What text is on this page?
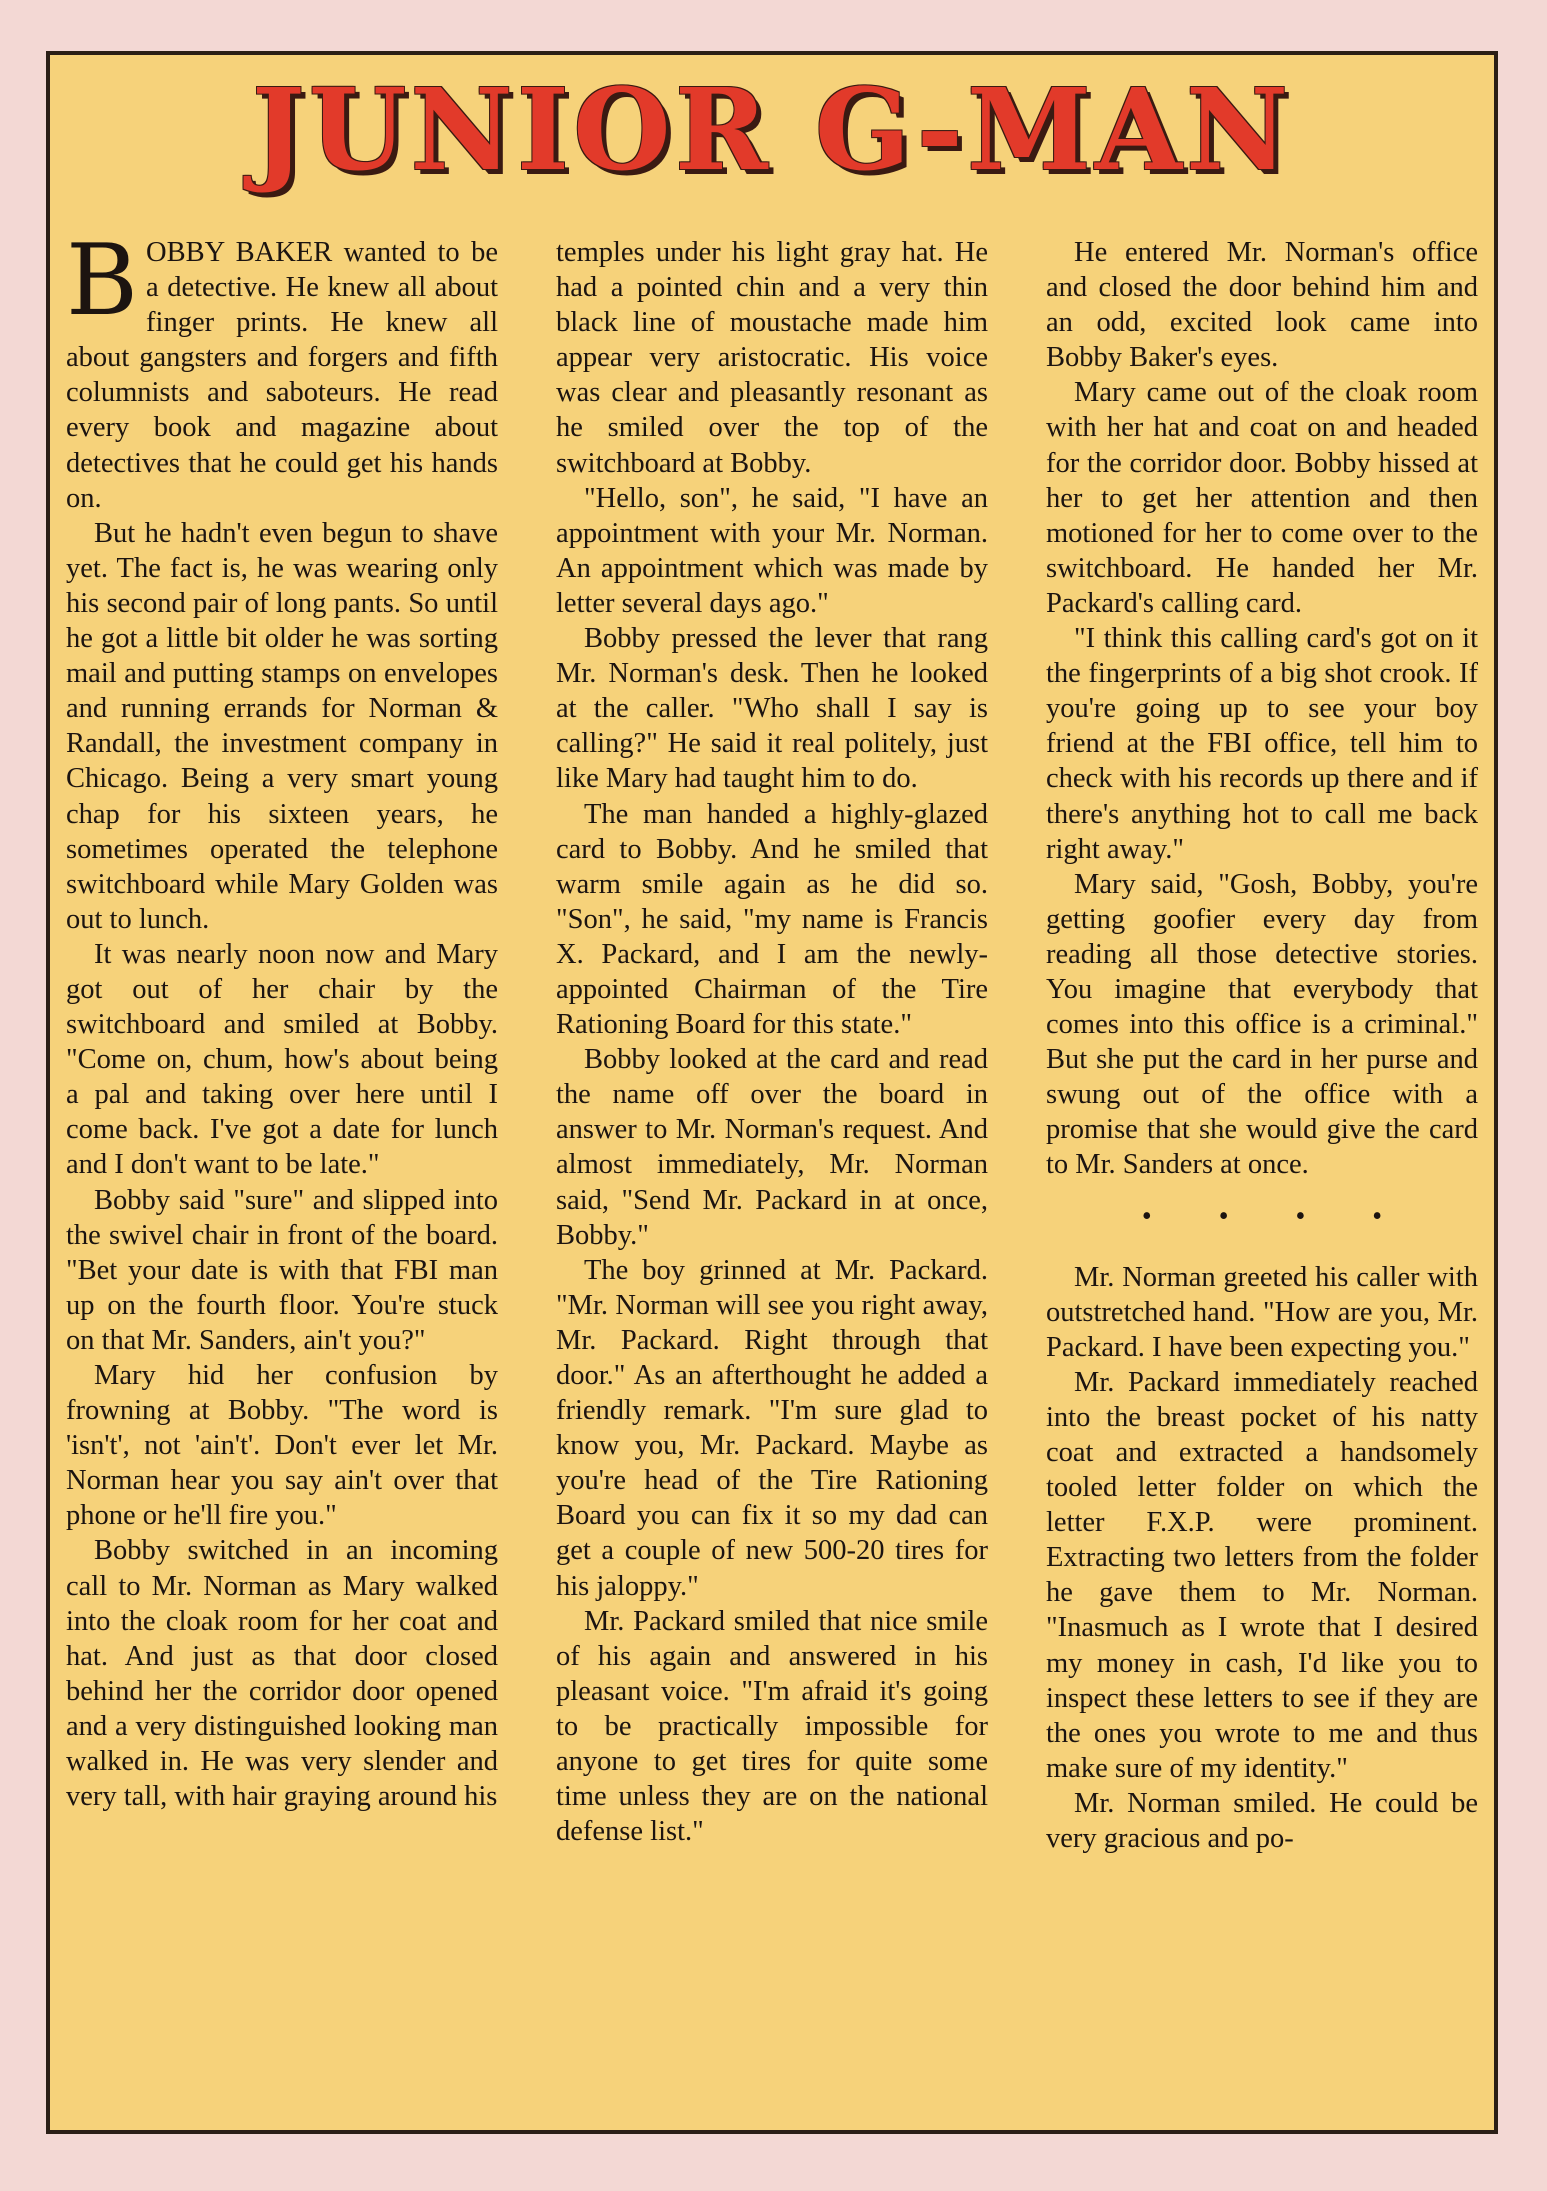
JUNIOR G-MAN

BOBBY BAKER wanted to be a detective. He knew all about finger prints. He knew all about gangsters and forgers and fifth columnists and saboteurs. He read every book and magazine about detectives that he could get his hands on.

But he hadn't even begun to shave yet. The fact is, he was wearing only his second pair of long pants. So until he got a little bit older he was sorting mail and putting stamps on envelopes and running errands for Norman & Randall, the investment company in Chicago. Being a very smart young chap for his sixteen years, he sometimes operated the telephone switchboard while Mary Golden was out to lunch.

It was nearly noon now and Mary got out of her chair by the switchboard and smiled at Bobby. "Come on, chum, how's about being a pal and taking over here until I come back. I've got a date for lunch and I don't want to be late."

Bobby said "sure" and slipped into the swivel chair in front of the board. "Bet your date is with that FBI man up on the fourth floor. You're stuck on that Mr. Sanders, ain't you?"

Mary hid her confusion by frowning at Bobby. "The word is 'isn't', not 'ain't'. Don't ever let Mr. Norman hear you say ain't over that phone or he'll fire you."

Bobby switched in an incoming call to Mr. Norman as Mary walked into the cloak room for her coat and hat. And just as that door closed behind her the corridor door opened and a very distinguished looking man walked in. He was very slender and very tall, with hair graying around his

temples under his light gray hat. He had a pointed chin and a very thin black line of moustache made him appear very aristocratic. His voice was clear and pleasantly resonant as he smiled over the top of the switchboard at Bobby.

"Hello, son", he said, "I have an appointment with your Mr. Norman. An appointment which was made by letter several days ago."

Bobby pressed the lever that rang Mr. Norman's desk. Then he looked at the caller. "Who shall I say is calling?" He said it real politely, just like Mary had taught him to do.

The man handed a highly-glazed card to Bobby. And he smiled that warm smile again as he did so. "Son", he said, "my name is Francis X. Packard, and I am the newly-appointed Chairman of the Tire Rationing Board for this state."

Bobby looked at the card and read the name off over the board in answer to Mr. Norman's request. And almost immediately, Mr. Norman said, "Send Mr. Packard in at once, Bobby."

The boy grinned at Mr. Packard. "Mr. Norman will see you right away, Mr. Packard. Right through that door." As an afterthought he added a friendly remark. "I'm sure glad to know you, Mr. Packard. Maybe as you're head of the Tire Rationing Board you can fix it so my dad can get a couple of new 500-20 tires for his jaloppy."

Mr. Packard smiled that nice smile of his again and answered in his pleasant voice. "I'm afraid it's going to be practically impossible for anyone to get tires for quite some time unless they are on the national defense list."

He entered Mr. Norman's office and closed the door behind him and an odd, excited look came into Bobby Baker's eyes.

Mary came out of the cloak room with her hat and coat on and headed for the corridor door. Bobby hissed at her to get her attention and then motioned for her to come over to the switchboard. He handed her Mr. Packard's calling card.

"I think this calling card's got on it the fingerprints of a big shot crook. If you're going up to see your boy friend at the FBI office, tell him to check with his records up there and if there's anything hot to call me back right away."

Mary said, "Gosh, Bobby, you're getting goofier every day from reading all those detective stories. You imagine that everybody that comes into this office is a criminal." But she put the card in her purse and swung out of the office with a promise that she would give the card to Mr. Sanders at once.

• • • •

Mr. Norman greeted his caller with outstretched hand. "How are you, Mr. Packard. I have been expecting you."

Mr. Packard immediately reached into the breast pocket of his natty coat and extracted a handsomely tooled letter folder on which the letter F.X.P. were prominent. Extracting two letters from the folder he gave them to Mr. Norman. "Inasmuch as I wrote that I desired my money in cash, I'd like you to inspect these letters to see if they are the ones you wrote to me and thus make sure of my identity."

Mr. Norman smiled. He could be very gracious and po-
